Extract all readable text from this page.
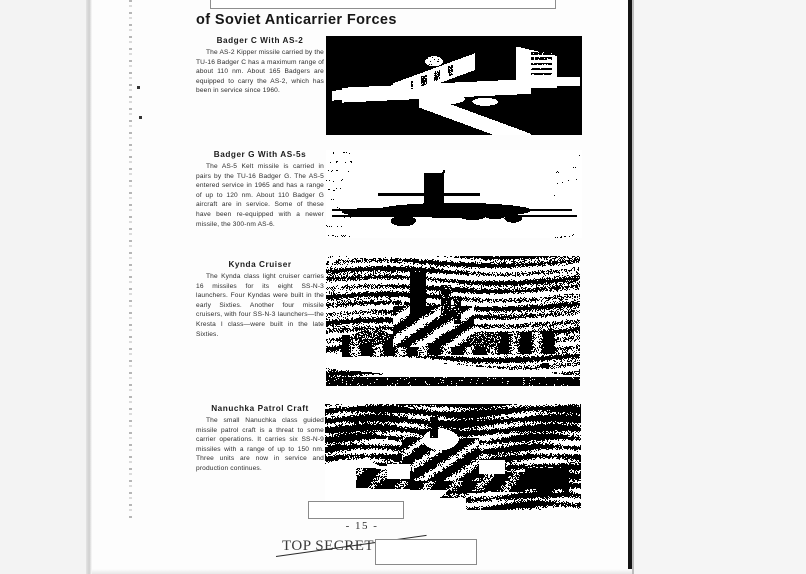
of Soviet Anticarrier Forces
Badger C With AS-2
The AS-2 Kipper missile carried by the TU-16 Badger C has a maximum range of about 110 nm. About 165 Badgers are equipped to carry the AS-2, which has been in service since 1960.
Badger G With AS-5s
The AS-5 Kelt missile is carried in pairs by the TU-16 Badger G. The AS-5 entered service in 1965 and has a range of up to 120 nm. About 110 Badger G aircraft are in service. Some of these have been re-equipped with a newer missile, the 300-nm AS-6.
Kynda Cruiser
The Kynda class light cruiser carries 16 missiles for its eight SS-N-3 launchers. Four Kyndas were built in the early Sixties. Another four missile cruisers, with four SS-N-3 launchers—the Kresta I class—were built in the late Sixties.
Nanuchka Patrol Craft
The small Nanuchka class guided missile patrol craft is a threat to some carrier operations. It carries six SS-N-9 missiles with a range of up to 150 nm. Three units are now in service and production continues.
- 15 -
TOP SECRET
